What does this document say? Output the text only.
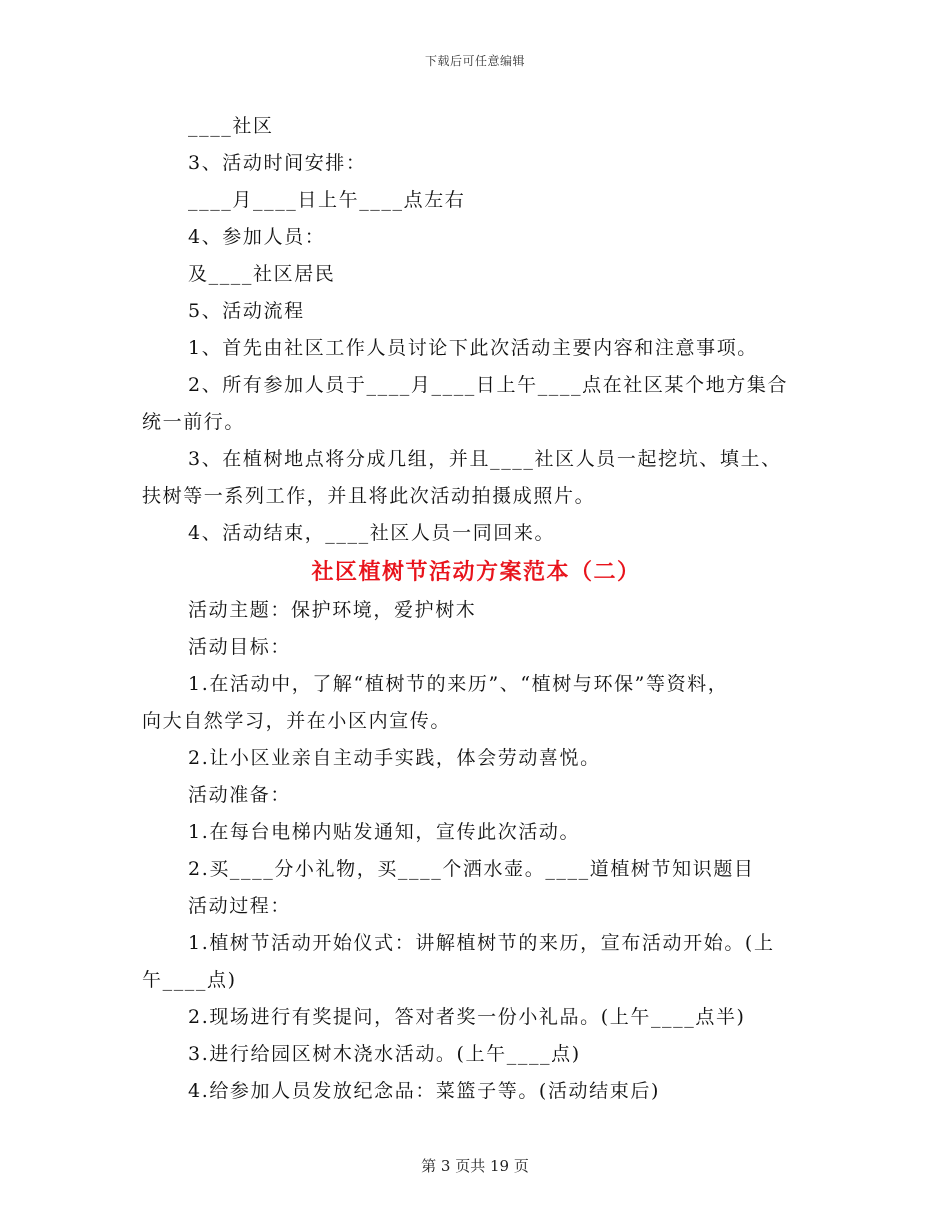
下载后可任意编辑
____社区
3、活动时间安排：
____月____日上午____点左右
4、参加人员：
及____社区居民
5、活动流程
1、首先由社区工作人员讨论下此次活动主要内容和注意事项。
2、所有参加人员于____月____日上午____点在社区某个地方集合
统一前行。
3、在植树地点将分成几组，并且____社区人员一起挖坑、填土、
扶树等一系列工作，并且将此次活动拍摄成照片。
4、活动结束，____社区人员一同回来。
社区植树节活动方案范本（二）
活动主题：保护环境，爱护树木
活动目标：
1.在活动中，了解“植树节的来历”、“植树与环保”等资料，
向大自然学习，并在小区内宣传。
2.让小区业亲自主动手实践，体会劳动喜悦。
活动准备：
1.在每台电梯内贴发通知，宣传此次活动。
2.买____分小礼物，买____个洒水壶。____道植树节知识题目
活动过程：
1.植树节活动开始仪式：讲解植树节的来历，宣布活动开始。(上
午____点)
2.现场进行有奖提问，答对者奖一份小礼品。(上午____点半)
3.进行给园区树木浇水活动。(上午____点)
4.给参加人员发放纪念品：菜篮子等。(活动结束后)
第 3 页共 19 页
